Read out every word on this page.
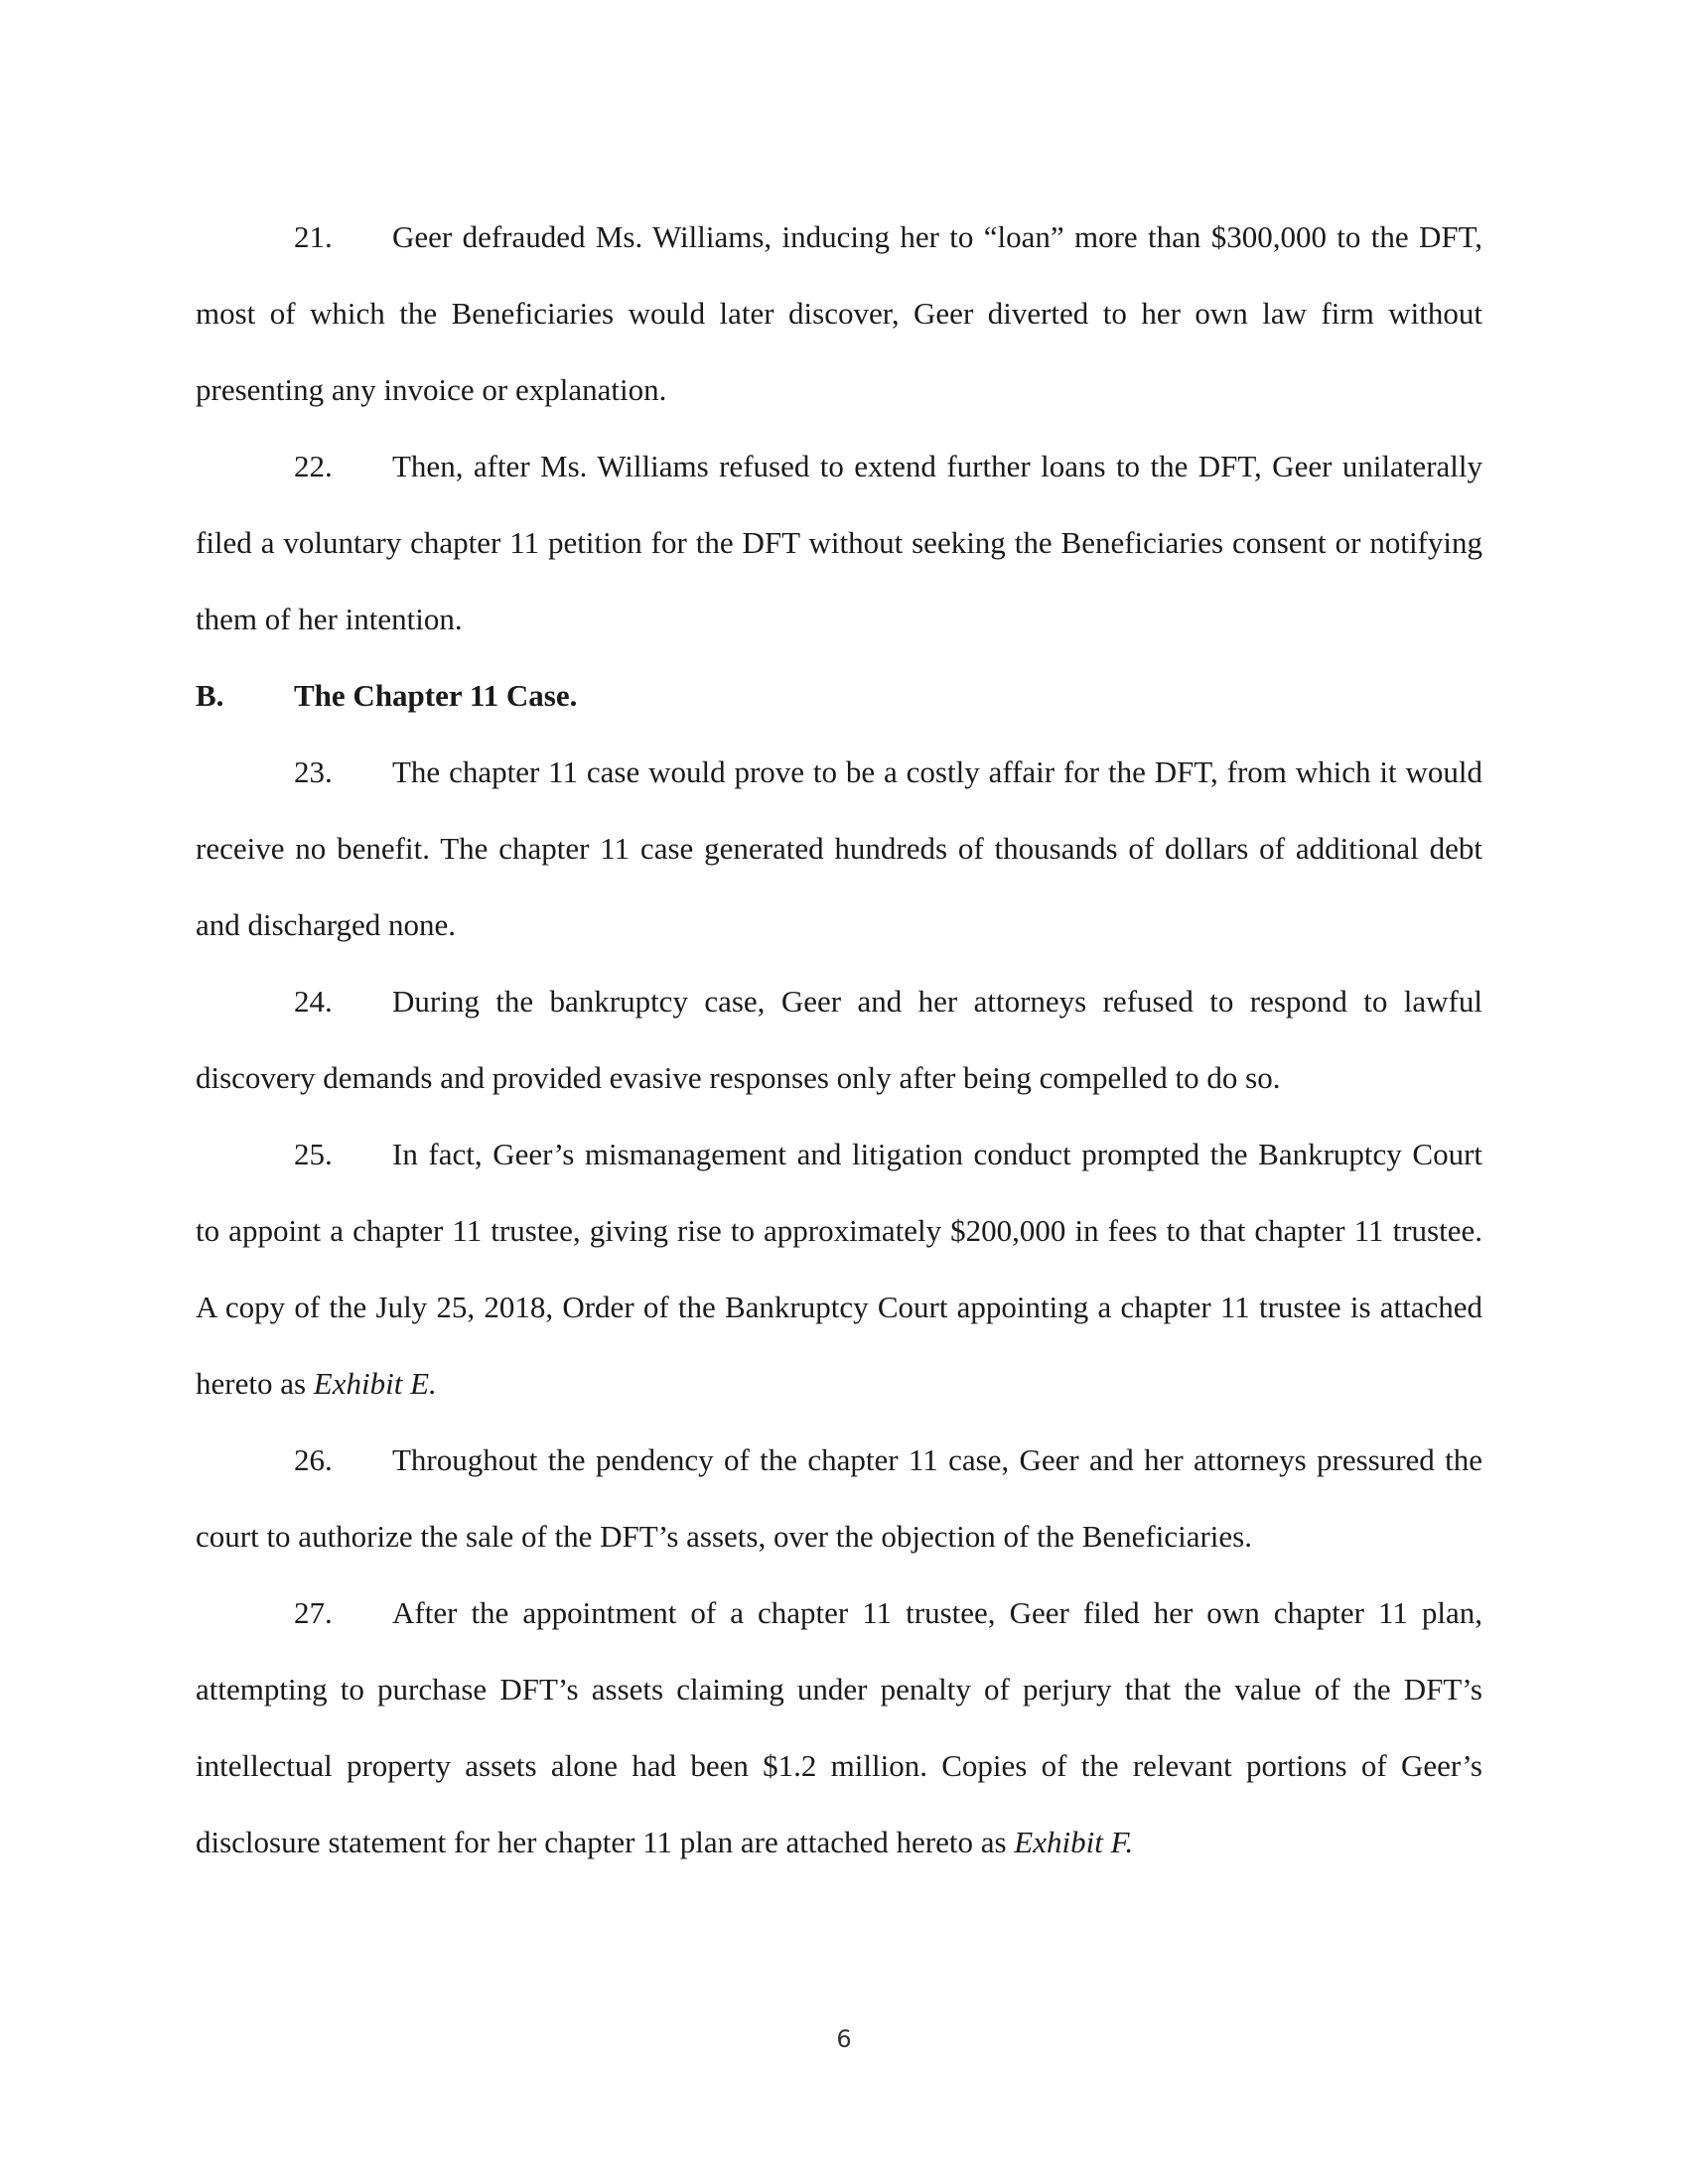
21. Geer defrauded Ms. Williams, inducing her to “loan” more than $300,000 to the DFT, most of which the Beneficiaries would later discover, Geer diverted to her own law firm without presenting any invoice or explanation.

22. Then, after Ms. Williams refused to extend further loans to the DFT, Geer unilaterally filed a voluntary chapter 11 petition for the DFT without seeking the Beneficiaries consent or notifying them of her intention.

B.	The Chapter 11 Case.

23. The chapter 11 case would prove to be a costly affair for the DFT, from which it would receive no benefit. The chapter 11 case generated hundreds of thousands of dollars of additional debt and discharged none.

24. During the bankruptcy case, Geer and her attorneys refused to respond to lawful discovery demands and provided evasive responses only after being compelled to do so.

25. In fact, Geer’s mismanagement and litigation conduct prompted the Bankruptcy Court to appoint a chapter 11 trustee, giving rise to approximately $200,000 in fees to that chapter 11 trustee. A copy of the July 25, 2018, Order of the Bankruptcy Court appointing a chapter 11 trustee is attached hereto as Exhibit E.

26. Throughout the pendency of the chapter 11 case, Geer and her attorneys pressured the court to authorize the sale of the DFT’s assets, over the objection of the Beneficiaries.

27. After the appointment of a chapter 11 trustee, Geer filed her own chapter 11 plan, attempting to purchase DFT’s assets claiming under penalty of perjury that the value of the DFT’s intellectual property assets alone had been $1.2 million. Copies of the relevant portions of Geer’s disclosure statement for her chapter 11 plan are attached hereto as Exhibit F.

6
